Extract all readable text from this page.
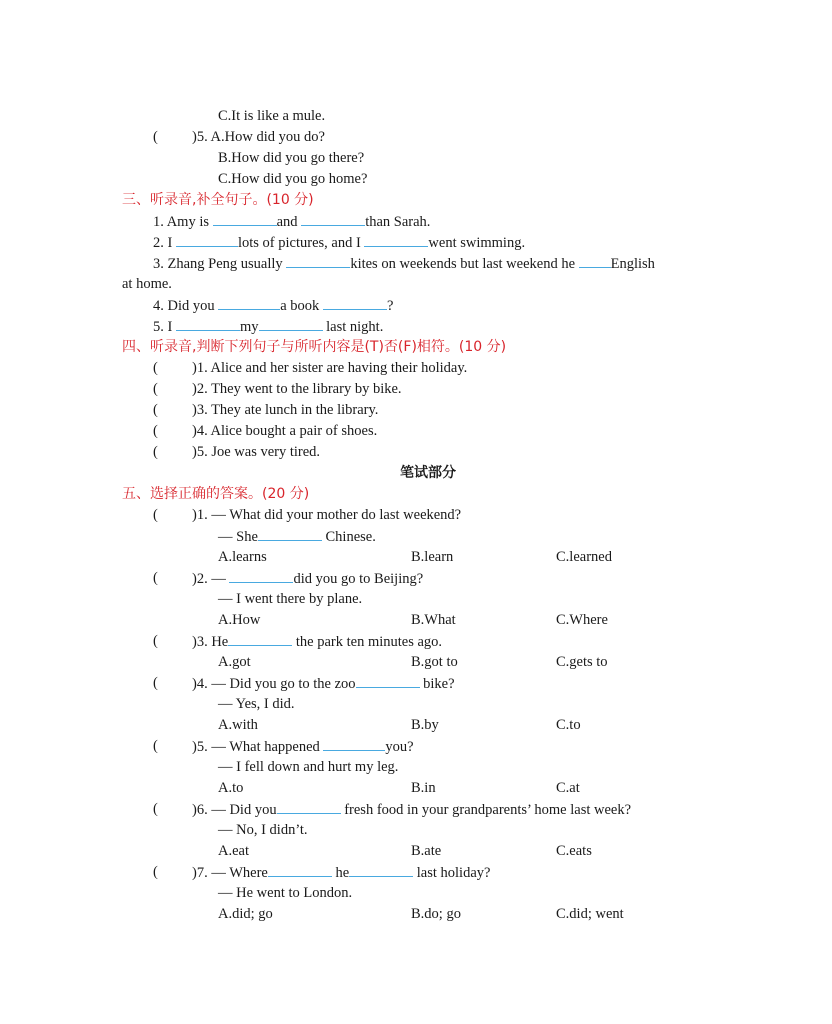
C.It is like a mule.
( )5. A.How did you do?
B.How did you go there?
C.How did you go home?
三、听录音,补全句子。(10 分)
1. Amy is	and	than Sarah.
2. I	lots of pictures, and I	went swimming.
3. Zhang Peng usually	kites on weekends but last weekend he English
at home.
4. Did you	a book	?
5. I	my	last night.
四、听录音,判断下列句子与所听内容是(T)否(F)相符。(10 分)
( )1. Alice and her sister are having their holiday.
( )2. They went to the library by bike.
( )3. They ate lunch in the library.
( )4. Alice bought a pair of shoes.
( )5. Joe was very tired.
笔试部分
五、选择正确的答案。(20 分)
( )1. — What did your mother do last weekend?
— She	Chinese.
A.learns	B.learn	C.learned
( )2. —	did you go to Beijing?
— I went there by plane.
A.How	B.What	C.Where
( )3. He	the park ten minutes ago.
A.got	B.got to	C.gets to
( )4. — Did you go to the zoo	bike?
— Yes, I did.
A.with	B.by	C.to
( )5. — What happened	you?
— I fell down and hurt my leg.
A.to	B.in	C.at
( )6. — Did you	fresh food in your grandparents’ home last week?
— No, I didn’t.
A.eat	B.ate	C.eats
( )7. — Where	he	last holiday?
— He went to London.
A.did; go	B.do; go	C.did; went
